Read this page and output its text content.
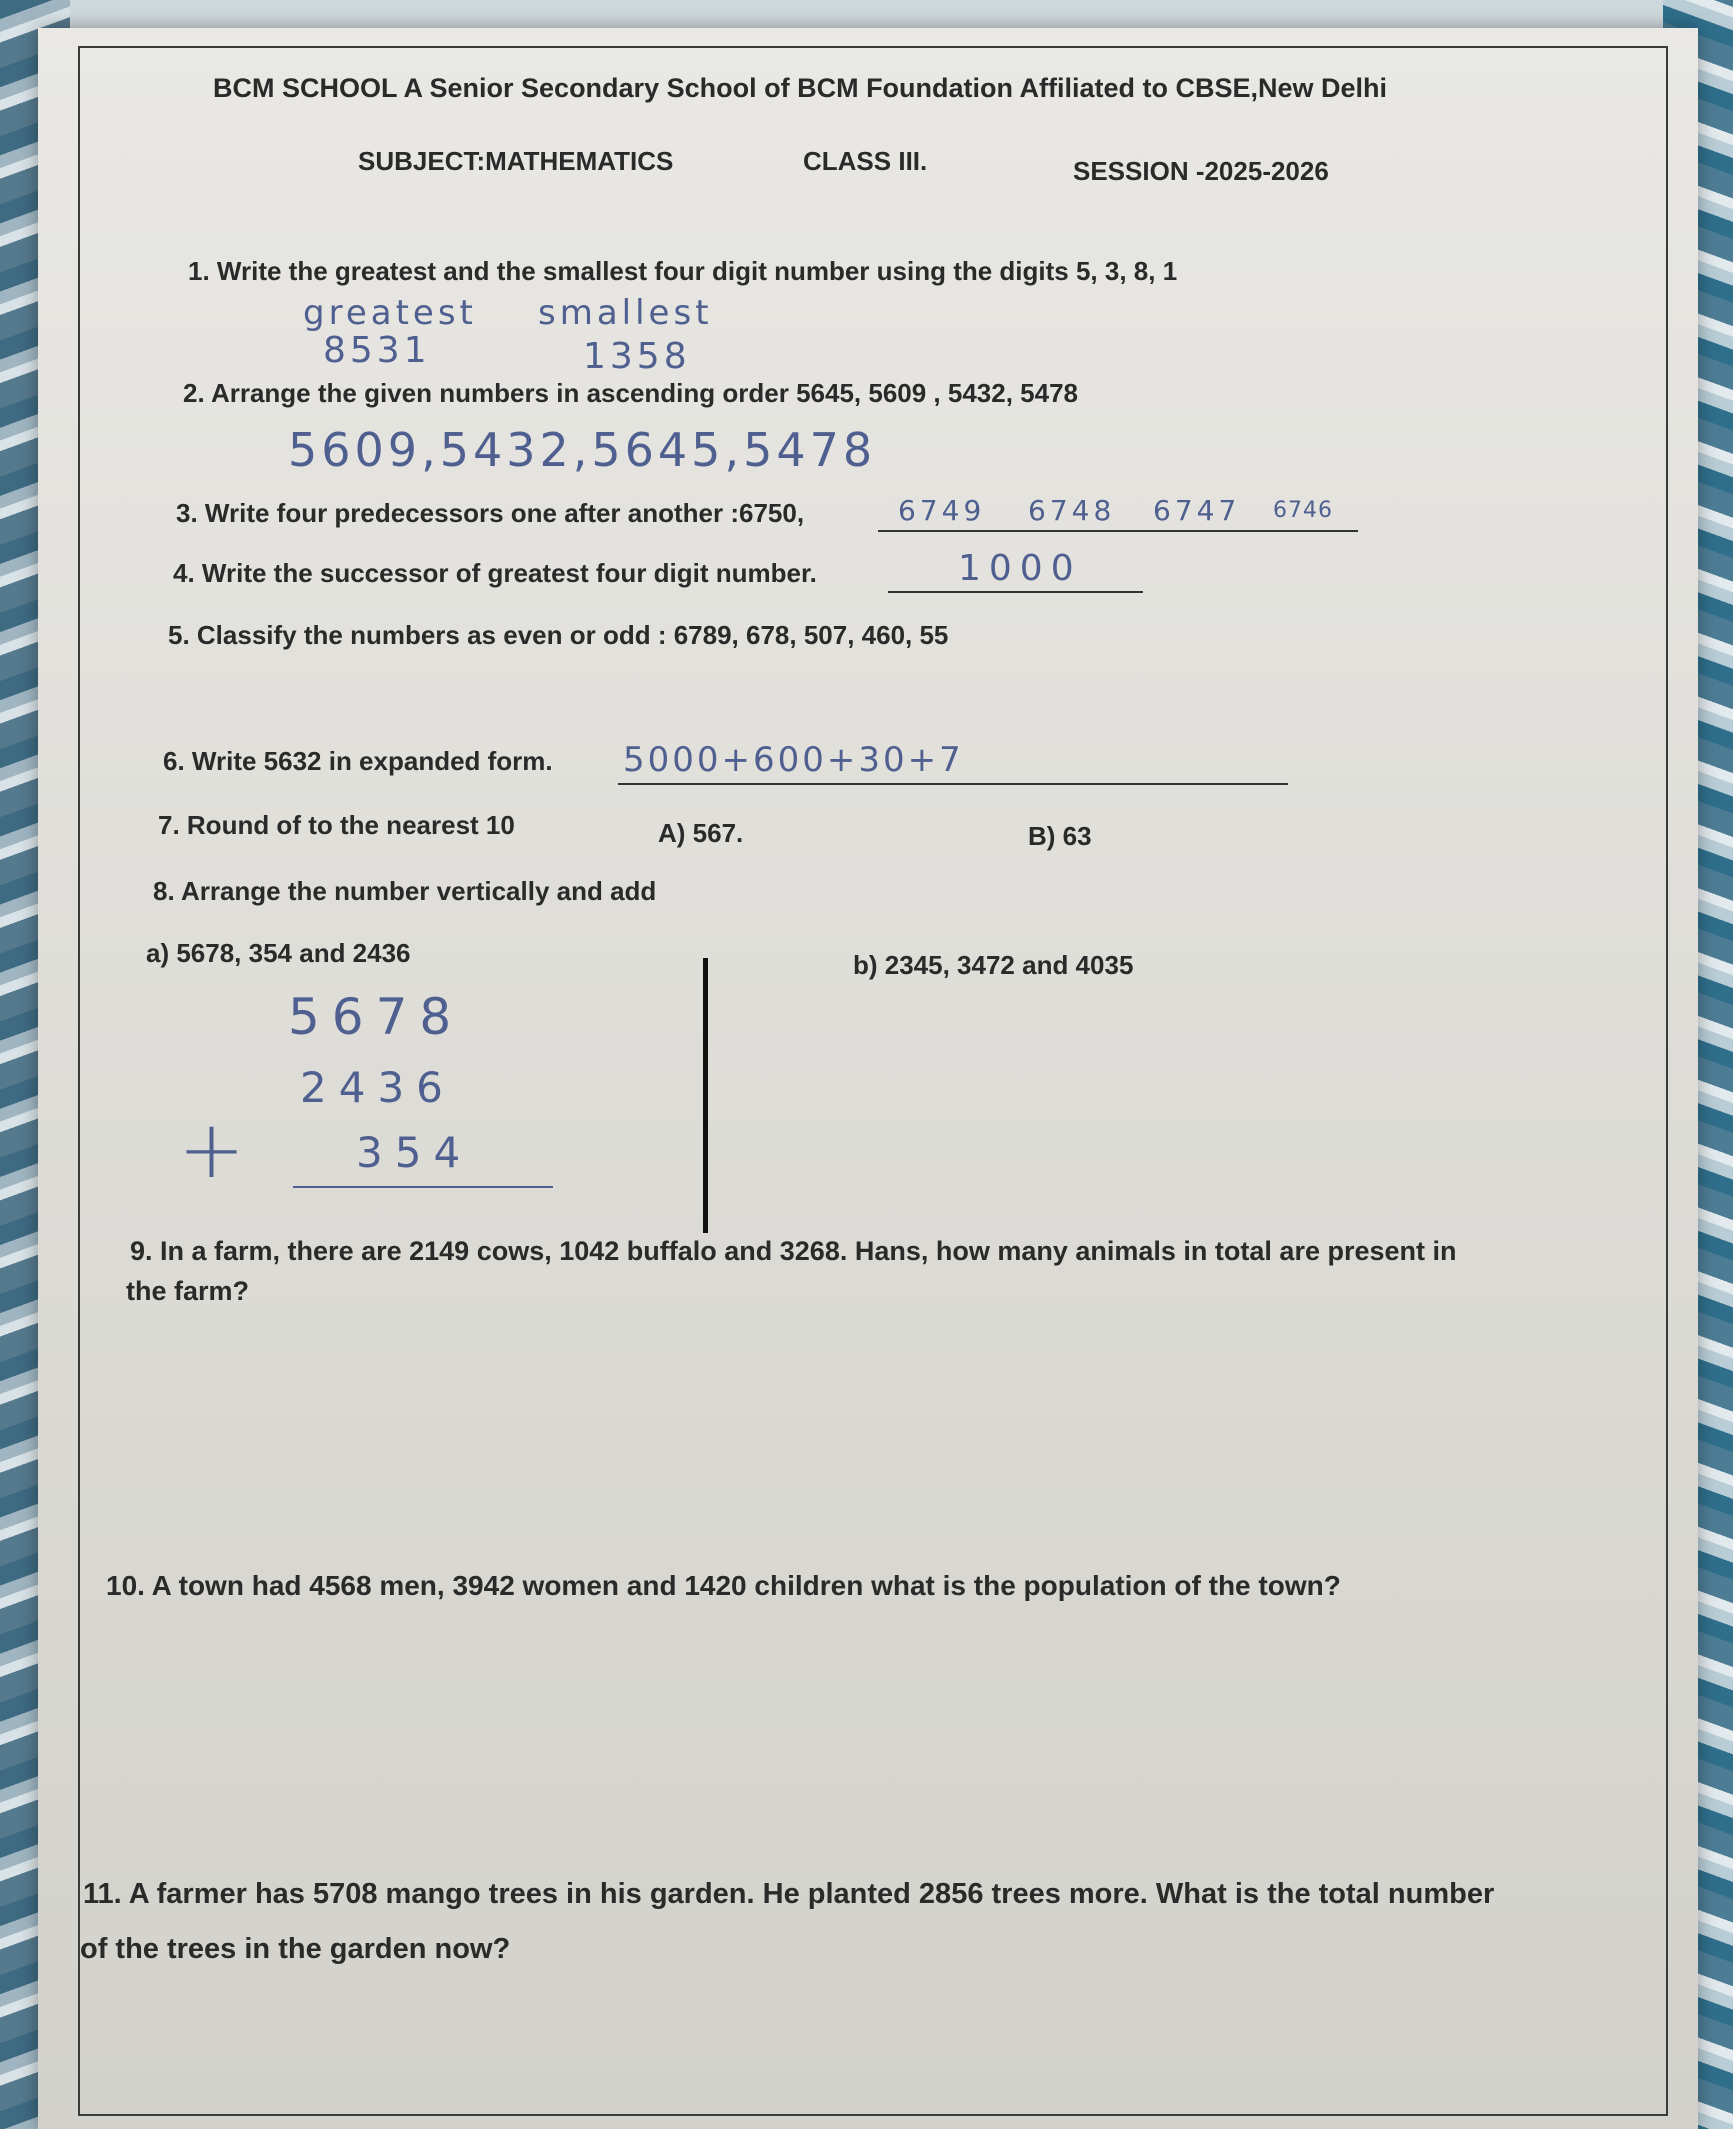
BCM SCHOOL A Senior Secondary School of BCM Foundation Affiliated to CBSE,New Delhi
SUBJECT:MATHEMATICS	CLASS III.	SESSION -2025-2026
1. Write the greatest and the smallest four digit number using the digits 5, 3, 8, 1
greatest smallest
8531	1358
2. Arrange the given numbers in ascending order 5645, 5609 , 5432, 5478
5609,5432,5645,5478
3. Write four predecessors one after another :6750,	6749 6748 6747 6746
4. Write the successor of greatest four digit number.	1000
5. Classify the numbers as even or odd : 6789, 678, 507, 460, 55
6. Write 5632 in expanded form. 5000+600+30+7
7. Round of to the nearest 10	A) 567.	B) 63
8. Arrange the number vertically and add
a) 5678, 354 and 2436	b) 2345, 3472 and 4035
5678
2436
354
+
9. In a farm, there are 2149 cows, 1042 buffalo and 3268. Hans, how many animals in total are present in
the farm?
10. A town had 4568 men, 3942 women and 1420 children what is the population of the town?
11. A farmer has 5708 mango trees in his garden. He planted 2856 trees more. What is the total number
of the trees in the garden now?
